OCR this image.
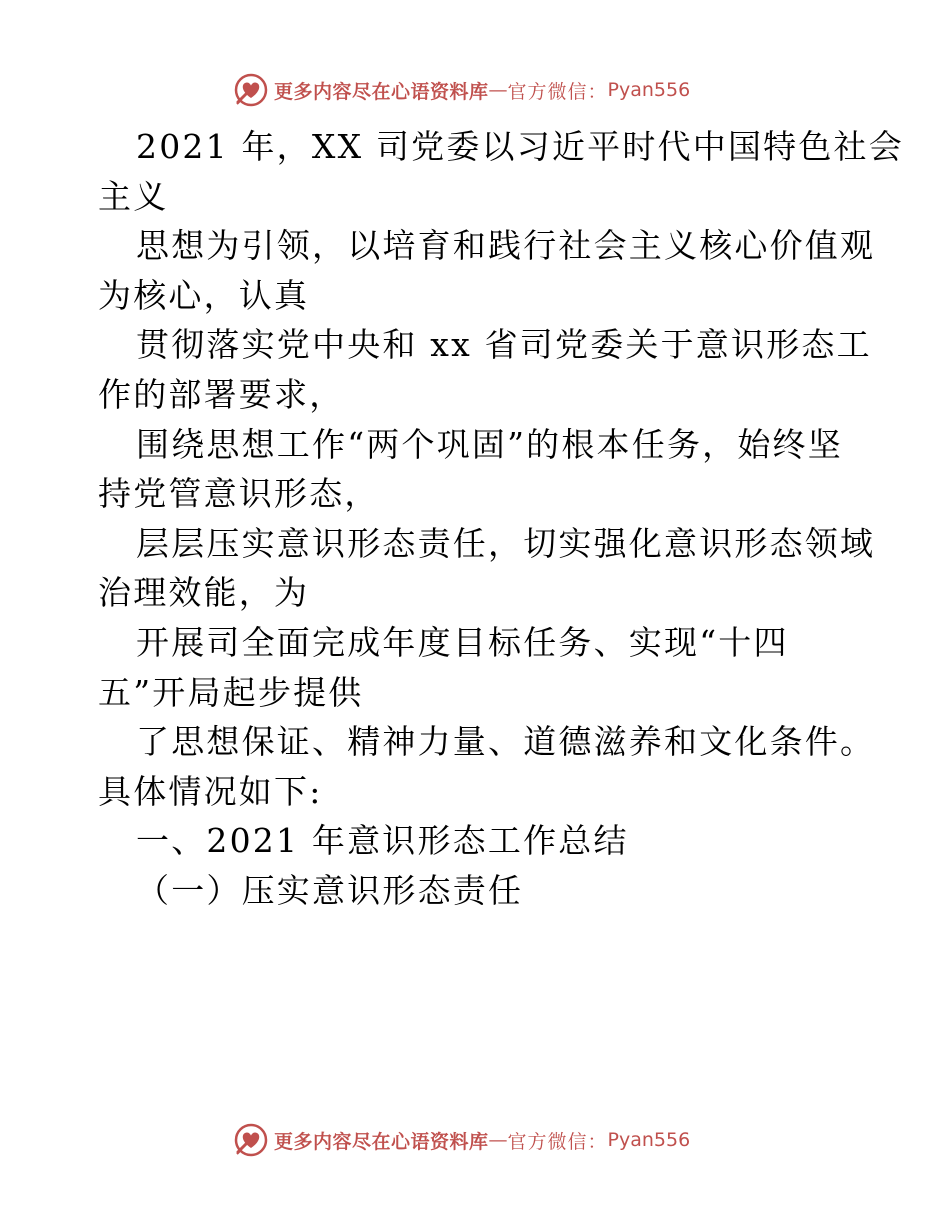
更多内容尽在心语资料库 — 官方微信： Pyan556
2021 年，XX 司党委以习近平时代中国特色社会
主义
思想为引领，以培育和践行社会主义核心价值观
为核心，认真
贯彻落实党中央和 xx 省司党委关于意识形态工
作的部署要求，
围绕思想工作“两个巩固”的根本任务，始终坚
持党管意识形态，
层层压实意识形态责任，切实强化意识形态领域
治理效能，为
开展司全面完成年度目标任务、实现“十四
五”开局起步提供
了思想保证、精神力量、道德滋养和文化条件。
具体情况如下:
一、2021 年意识形态工作总结
（一）压实意识形态责任
更多内容尽在心语资料库 — 官方微信： Pyan556
